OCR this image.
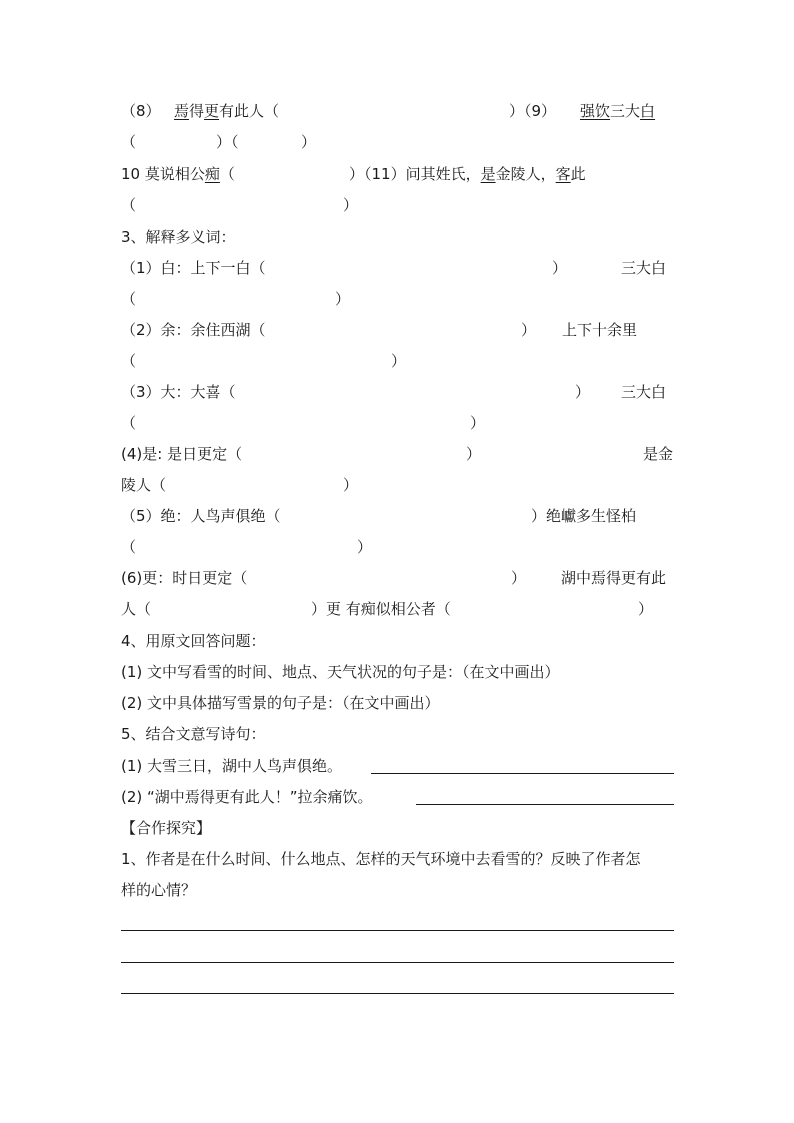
（8） 焉得更有此人（	）（9） 强饮三大白
（	）（	）
10 莫说相公痴（	）（11）问其姓氏，是金陵人，客此
（	）
3、解释多义词：
（1）白：上下一白（	）	三大白
（	）
（2）余：余住西湖（	） 上下十余里
（	）
（3）大：大喜（	） 三大白
（	）
(4)是: 是日更定（	）	是金
陵人（	）
（5）绝：人鸟声俱绝（	）绝巘多生怪柏
（	）
(6)更：时日更定（	） 湖中焉得更有此
人（	）更 有痴似相公者（	）
4、用原文回答问题：
(1) 文中写看雪的时间、地点、天气状况的句子是：（在文中画出）
(2) 文中具体描写雪景的句子是：（在文中画出）
5、结合文意写诗句：
(1) 大雪三日，湖中人鸟声俱绝。
(2) “湖中焉得更有此人！”拉余痛饮。
【合作探究】
1、作者是在什么时间、什么地点、怎样的天气环境中去看雪的？反映了作者怎
样的心情？
